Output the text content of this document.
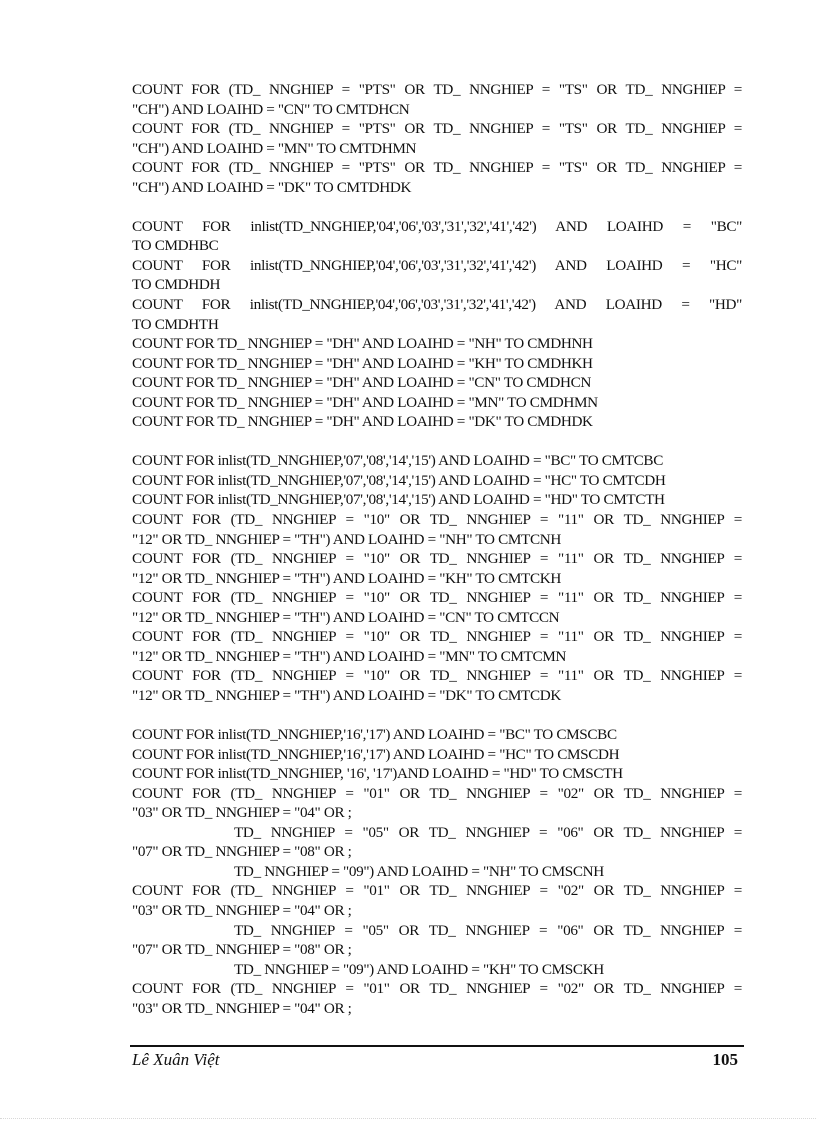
COUNT FOR (TD_ NNGHIEP = "PTS" OR TD_ NNGHIEP = "TS" OR TD_ NNGHIEP =
"CH") AND LOAIHD = "CN" TO CMTDHCN
COUNT FOR (TD_ NNGHIEP = "PTS" OR TD_ NNGHIEP = "TS" OR TD_ NNGHIEP =
"CH") AND LOAIHD = "MN" TO CMTDHMN
COUNT FOR (TD_ NNGHIEP = "PTS" OR TD_ NNGHIEP = "TS" OR TD_ NNGHIEP =
"CH") AND LOAIHD = "DK" TO CMTDHDK
COUNT FOR inlist(TD_NNGHIEP,'04','06','03','31','32','41','42') AND LOAIHD = "BC"
TO CMDHBC
COUNT FOR inlist(TD_NNGHIEP,'04','06','03','31','32','41','42') AND LOAIHD = "HC"
TO CMDHDH
COUNT FOR inlist(TD_NNGHIEP,'04','06','03','31','32','41','42') AND LOAIHD = "HD"
TO CMDHTH
COUNT FOR TD_ NNGHIEP = "DH" AND LOAIHD = "NH" TO CMDHNH
COUNT FOR TD_ NNGHIEP = "DH" AND LOAIHD = "KH" TO CMDHKH
COUNT FOR TD_ NNGHIEP = "DH" AND LOAIHD = "CN" TO CMDHCN
COUNT FOR TD_ NNGHIEP = "DH" AND LOAIHD = "MN" TO CMDHMN
COUNT FOR TD_ NNGHIEP = "DH" AND LOAIHD = "DK" TO CMDHDK
COUNT FOR inlist(TD_NNGHIEP,'07','08','14','15') AND LOAIHD = "BC" TO CMTCBC
COUNT FOR inlist(TD_NNGHIEP,'07','08','14','15') AND LOAIHD = "HC" TO CMTCDH
COUNT FOR inlist(TD_NNGHIEP,'07','08','14','15') AND LOAIHD = "HD" TO CMTCTH
COUNT FOR (TD_ NNGHIEP = "10" OR TD_ NNGHIEP = "11" OR TD_ NNGHIEP =
"12" OR TD_ NNGHIEP = "TH") AND LOAIHD = "NH" TO CMTCNH
COUNT FOR (TD_ NNGHIEP = "10" OR TD_ NNGHIEP = "11" OR TD_ NNGHIEP =
"12" OR TD_ NNGHIEP = "TH") AND LOAIHD = "KH" TO CMTCKH
COUNT FOR (TD_ NNGHIEP = "10" OR TD_ NNGHIEP = "11" OR TD_ NNGHIEP =
"12" OR TD_ NNGHIEP = "TH") AND LOAIHD = "CN" TO CMTCCN
COUNT FOR (TD_ NNGHIEP = "10" OR TD_ NNGHIEP = "11" OR TD_ NNGHIEP =
"12" OR TD_ NNGHIEP = "TH") AND LOAIHD = "MN" TO CMTCMN
COUNT FOR (TD_ NNGHIEP = "10" OR TD_ NNGHIEP = "11" OR TD_ NNGHIEP =
"12" OR TD_ NNGHIEP = "TH") AND LOAIHD = "DK" TO CMTCDK
COUNT FOR inlist(TD_NNGHIEP,'16','17') AND LOAIHD = "BC" TO CMSCBC
COUNT FOR inlist(TD_NNGHIEP,'16','17') AND LOAIHD = "HC" TO CMSCDH
COUNT FOR inlist(TD_NNGHIEP, '16', '17')AND LOAIHD = "HD" TO CMSCTH
COUNT FOR (TD_ NNGHIEP = "01" OR TD_ NNGHIEP = "02" OR TD_ NNGHIEP =
"03" OR TD_ NNGHIEP = "04" OR ;
TD_ NNGHIEP = "05" OR TD_ NNGHIEP = "06" OR TD_ NNGHIEP =
"07" OR TD_ NNGHIEP = "08" OR ;
TD_ NNGHIEP = "09") AND LOAIHD = "NH" TO CMSCNH
COUNT FOR (TD_ NNGHIEP = "01" OR TD_ NNGHIEP = "02" OR TD_ NNGHIEP =
"03" OR TD_ NNGHIEP = "04" OR ;
TD_ NNGHIEP = "05" OR TD_ NNGHIEP = "06" OR TD_ NNGHIEP =
"07" OR TD_ NNGHIEP = "08" OR ;
TD_ NNGHIEP = "09") AND LOAIHD = "KH" TO CMSCKH
COUNT FOR (TD_ NNGHIEP = "01" OR TD_ NNGHIEP = "02" OR TD_ NNGHIEP =
"03" OR TD_ NNGHIEP = "04" OR ;
Lê Xuân Việt	105
